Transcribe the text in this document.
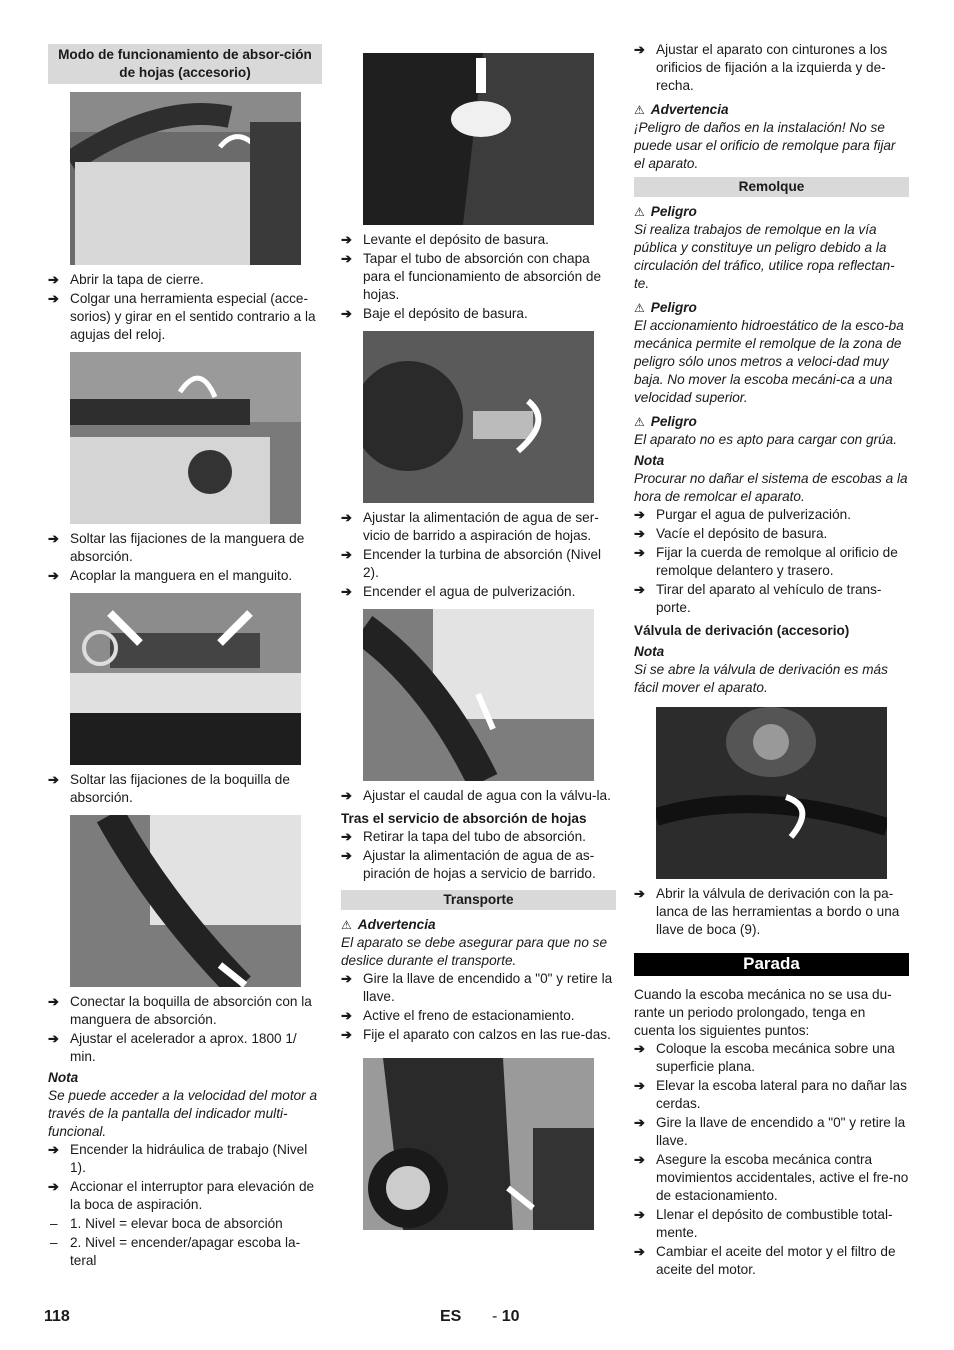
Modo de funcionamiento de absor-ción de hojas (accesorio)
➔ Abrir la tapa de cierre.
➔ Colgar una herramienta especial (acce-sorios) y girar en el sentido contrario a la agujas del reloj.
➔ Soltar las fijaciones de la manguera de absorción.
➔ Acoplar la manguera en el manguito.
➔ Soltar las fijaciones de la boquilla de absorción.
➔ Conectar la boquilla de absorción con la manguera de absorción.
➔ Ajustar el acelerador a aprox. 1800 1/ min.
Nota
Se puede acceder a la velocidad del motor a través de la pantalla del indicador multi-funcional.
➔ Encender la hidráulica de trabajo (Nivel 1).
➔ Accionar el interruptor para elevación de la boca de aspiración.
– 1. Nivel = elevar boca de absorción
– 2. Nivel = encender/apagar escoba la-teral
➔ Levante el depósito de basura.
➔ Tapar el tubo de absorción con chapa para el funcionamiento de absorción de hojas.
➔ Baje el depósito de basura.
➔ Ajustar la alimentación de agua de ser-vicio de barrido a aspiración de hojas.
➔ Encender la turbina de absorción (Nivel 2).
➔ Encender el agua de pulverización.
➔ Ajustar el caudal de agua con la válvu-la.
Tras el servicio de absorción de hojas
➔ Retirar la tapa del tubo de absorción.
➔ Ajustar la alimentación de agua de as-piración de hojas a servicio de barrido.
Transporte
⚠ Advertencia
El aparato se debe asegurar para que no se deslice durante el transporte.
➔ Gire la llave de encendido a "0" y retire la llave.
➔ Active el freno de estacionamiento.
➔ Fije el aparato con calzos en las rue-das.
➔ Ajustar el aparato con cinturones a los orificios de fijación a la izquierda y de-recha.
⚠ Advertencia
¡Peligro de daños en la instalación! No se puede usar el orificio de remolque para fijar el aparato.
Remolque
⚠ Peligro
Si realiza trabajos de remolque en la vía pública y constituye un peligro debido a la circulación del tráfico, utilice ropa reflectan-te.
⚠ Peligro
El accionamiento hidroestático de la esco-ba mecánica permite el remolque de la zona de peligro sólo unos metros a veloci-dad muy baja. No mover la escoba mecáni-ca a una velocidad superior.
⚠ Peligro
El aparato no es apto para cargar con grúa.
Nota
Procurar no dañar el sistema de escobas a la hora de remolcar el aparato.
➔ Purgar el agua de pulverización.
➔ Vacíe el depósito de basura.
➔ Fijar la cuerda de remolque al orificio de remolque delantero y trasero.
➔ Tirar del aparato al vehículo de trans-porte.
Válvula de derivación (accesorio)
Nota
Si se abre la válvula de derivación es más fácil mover el aparato.
➔ Abrir la válvula de derivación con la pa-lanca de las herramientas a bordo o una llave de boca (9).
Parada
Cuando la escoba mecánica no se usa du-rante un periodo prolongado, tenga en cuenta los siguientes puntos:
➔ Coloque la escoba mecánica sobre una superficie plana.
➔ Elevar la escoba lateral para no dañar las cerdas.
➔ Gire la llave de encendido a "0" y retire la llave.
➔ Asegure la escoba mecánica contra movimientos accidentales, active el fre-no de estacionamiento.
➔ Llenar el depósito de combustible total-mente.
➔ Cambiar el aceite del motor y el filtro de aceite del motor.
118	ES - 10
